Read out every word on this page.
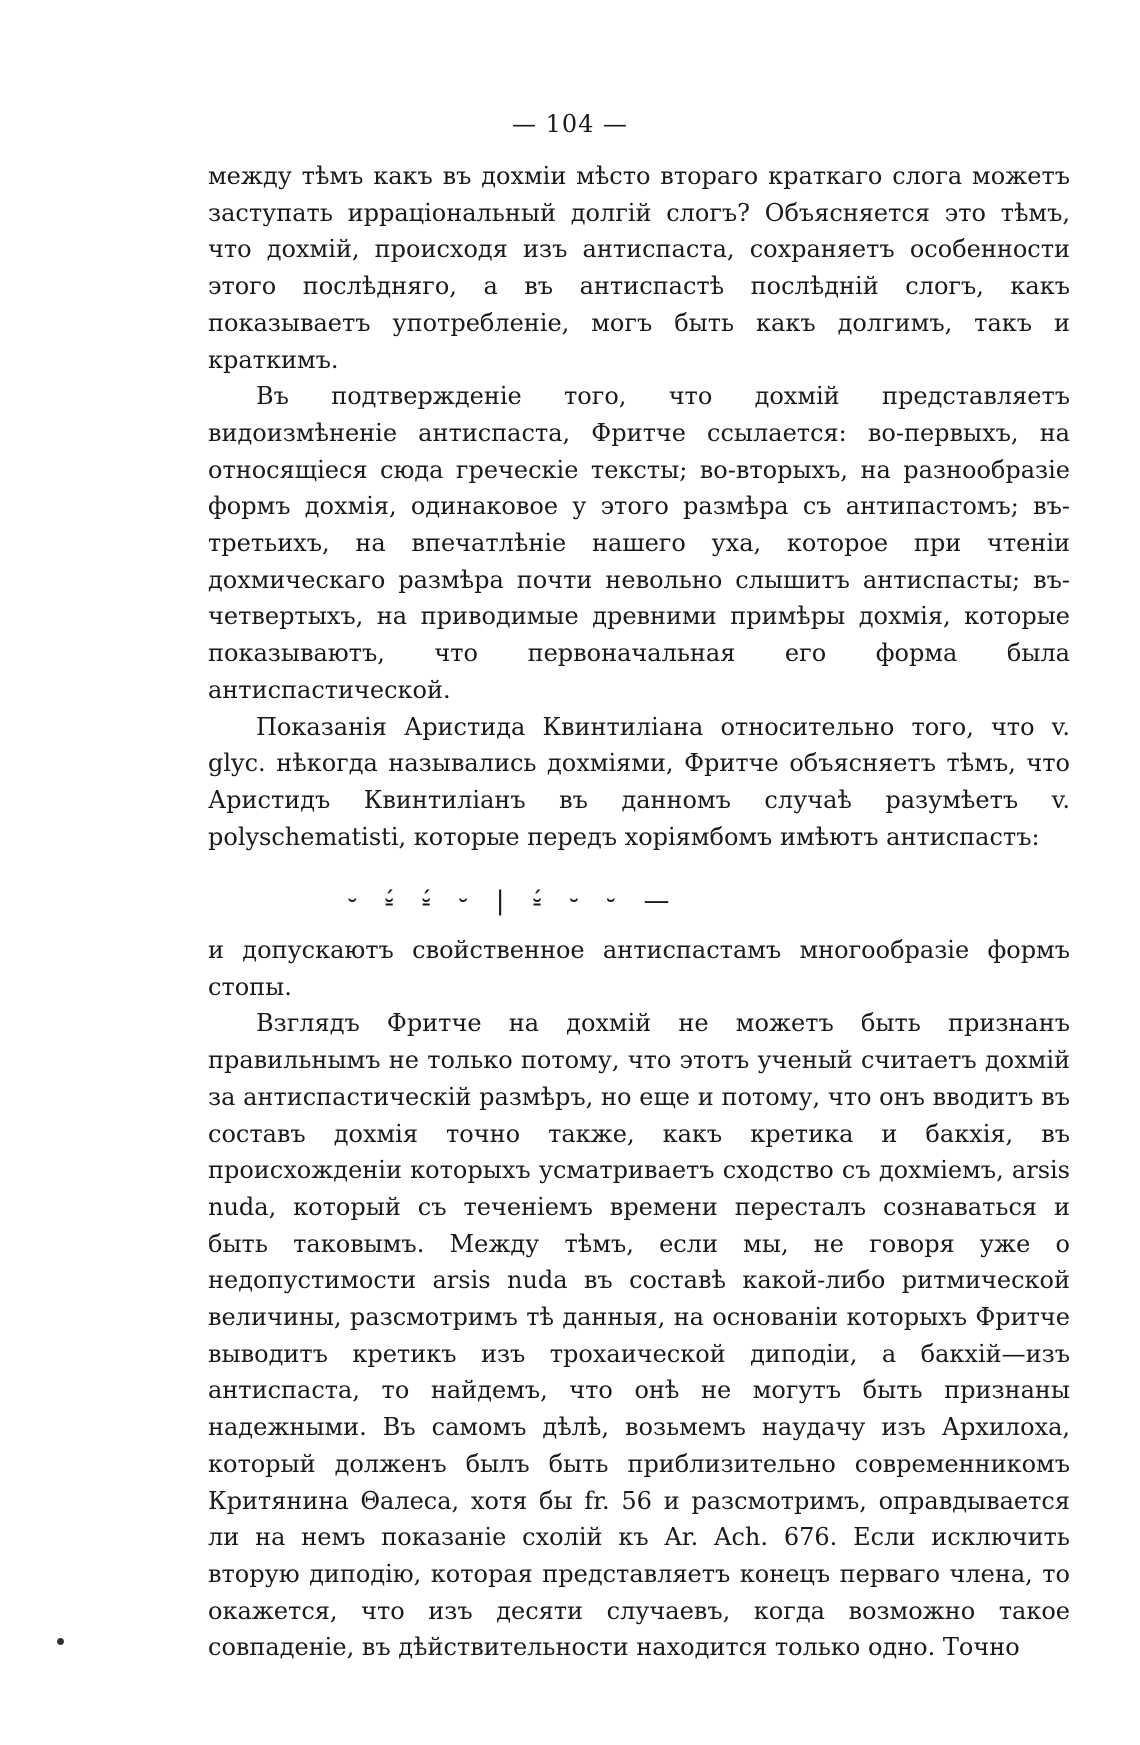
— 104 —

между тѣмъ какъ въ дохміи мѣсто втораго краткаго слога можетъ заступать ирраціональный долгій слогъ? Объясняется это тѣмъ, что дохмій, происходя изъ антиспаста, сохраняетъ особенности этого послѣдняго, а въ антиспастѣ послѣдній слогъ, какъ показываетъ употребленіе, могъ быть какъ долгимъ, такъ и краткимъ.

Въ подтвержденіе того, что дохмій представляетъ видоизмѣненіе антиспаста, Фритче ссылается: во-первыхъ, на относящіеся сюда греческіе тексты; во-вторыхъ, на разнообразіе формъ дохмія, одинаковое у этого размѣра съ антипастомъ; въ-третьихъ, на впечатлѣніе нашего уха, которое при чтеніи дохмическаго размѣра почти невольно слышитъ антиспасты; въ-четвертыхъ, на приводимые древними примѣры дохмія, которые показываютъ, что первоначальная его форма была антиспастической.

Показанія Аристида Квинтиліана относительно того, что v. glyc. нѣкогда назывались дохміями, Фритче объясняетъ тѣмъ, что Аристидъ Квинтиліанъ въ данномъ случаѣ разумѣетъ v. polyschematisti, которые передъ хоріямбомъ имѣютъ антиспастъ:

⏑ ⏓́ ⏓́ ⏑ | ⏓́ ⏑ ⏑ —

и допускаютъ свойственное антиспастамъ многообразіе формъ стопы.

Взглядъ Фритче на дохмій не можетъ быть признанъ правильнымъ не только потому, что этотъ ученый считаетъ дохмій за антиспастическій размѣръ, но еще и потому, что онъ вводитъ въ составъ дохмія точно также, какъ кретика и бакхія, въ происхожденіи которыхъ усматриваетъ сходство съ дохміемъ, arsis nuda, который съ теченіемъ времени пересталъ сознаваться и быть таковымъ. Между тѣмъ, если мы, не говоря уже о недопустимости arsis nuda въ составѣ какой-либо ритмической величины, разсмотримъ тѣ данныя, на основаніи которыхъ Фритче выводитъ кретикъ изъ трохаической диподіи, а бакхій—изъ антиспаста, то найдемъ, что онѣ не могутъ быть признаны надежными. Въ самомъ дѣлѣ, возьмемъ наудачу изъ Архилоха, который долженъ былъ быть приблизительно современникомъ Критянина Θалеса, хотя бы fr. 56 и разсмотримъ, оправдывается ли на немъ показаніе схолій къ Ar. Ach. 676. Если исключить вторую диподію, которая представляетъ конецъ перваго члена, то окажется, что изъ десяти случаевъ, когда возможно такое совпаденіе, въ дѣйствительности находится только одно. Точно
